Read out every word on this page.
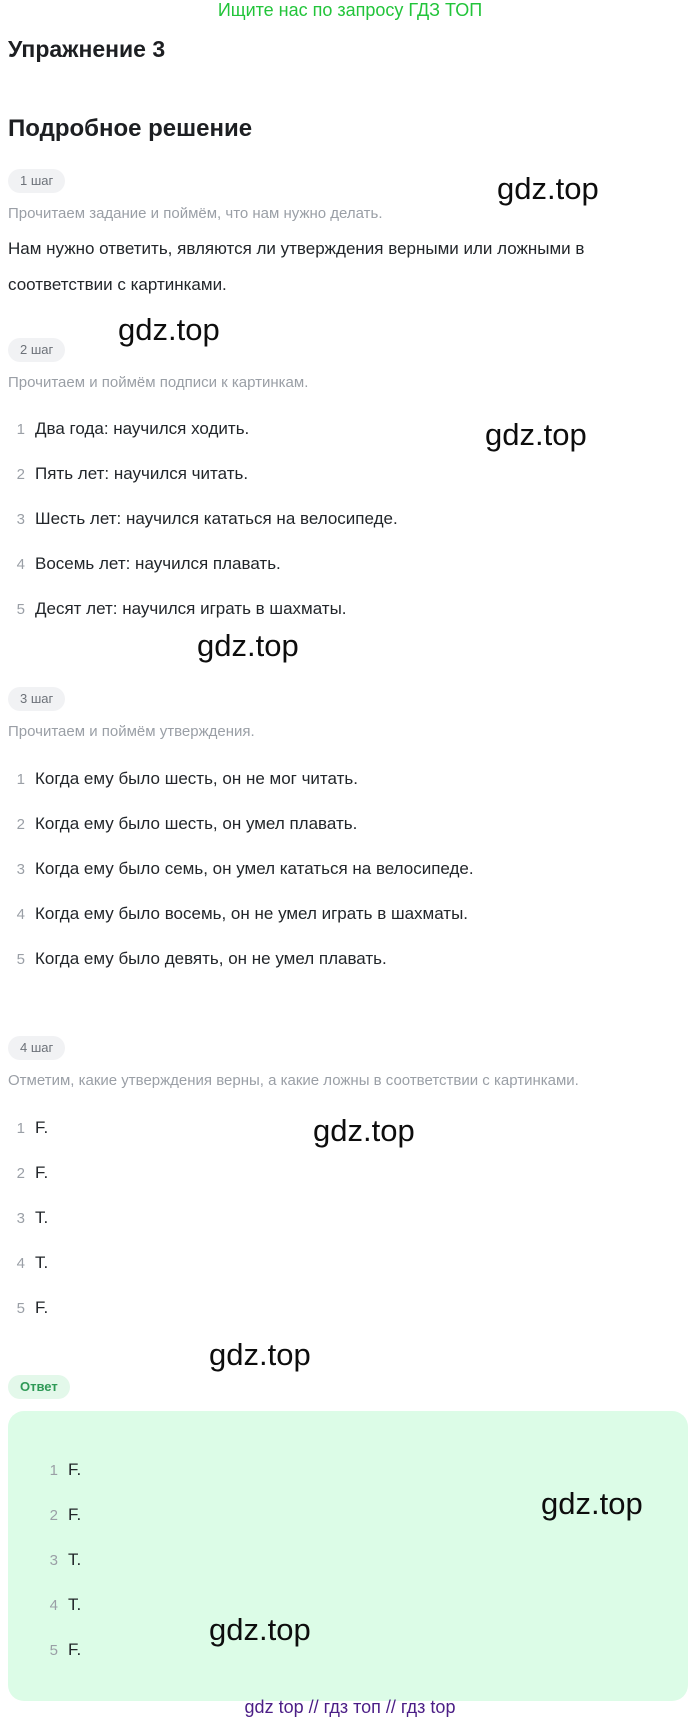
Ищите нас по запросу ГДЗ ТОП
Упражнение 3
Подробное решение
1 шаг
Прочитаем задание и поймём, что нам нужно делать.
Нам нужно ответить, являются ли утверждения верными или ложными в
соответствии с картинками.
2 шаг
Прочитаем и поймём подписи к картинкам.
1 Два года: научился ходить.
2 Пять лет: научился читать.
3 Шесть лет: научился кататься на велосипеде.
4 Восемь лет: научился плавать.
5 Десят лет: научился играть в шахматы.
3 шаг
Прочитаем и поймём утверждения.
1 Когда ему было шесть, он не мог читать.
2 Когда ему было шесть, он умел плавать.
3 Когда ему было семь, он умел кататься на велосипеде.
4 Когда ему было восемь, он не умел играть в шахматы.
5 Когда ему было девять, он не умел плавать.
4 шаг
Отметим, какие утверждения верны, а какие ложны в соответствии с картинками.
1 F.
2 F.
3 T.
4 T.
5 F.
Ответ
1 F.
2 F.
3 T.
4 T.
5 F.
gdz.top
gdz.top
gdz.top
gdz.top
gdz.top
gdz.top
gdz.top
gdz.top
gdz top // гдз топ // гдз top
